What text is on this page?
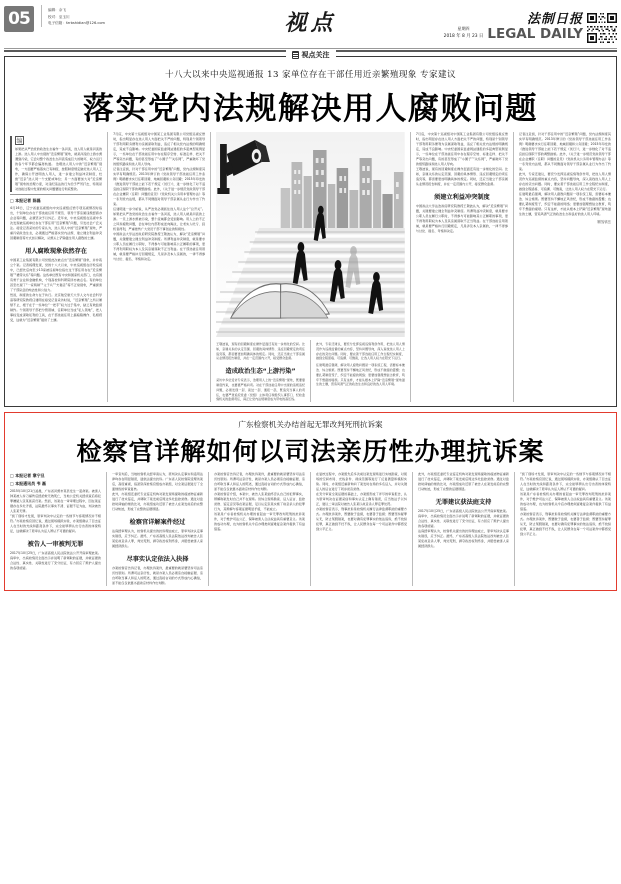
05	编辑：余飞
校对：巫玉川
电子信箱：fzrbshidian@126.com	视点	星期四
2018 年 8 月 23 日
法制日报
LEGAL DAILY
视点关注
十八大以来中央巡视通报 13 家单位存在干部任用近亲繁殖现象 专家建议
落实党内法规解决用人腐败问题
编
如果把从严治党的政治生态看作一条河流，选人用人就是河流的上游。选人用人中出现的“近亲繁殖”现象，就是河流的上游水源遭到污染，它会对整个政治生态河流造成巨大的破坏，权力运行的各个环节都会偏离轨道。 治理选人用人中的“近亲繁殖”现象，一方面要严格落实已有制度，按照制度规定做好选人用人工作，确保公开透明选人用人，进一步建立利益冲突制度，杜绝“近亲”选人同一个支配或单位；另一方面要加大对“近亲繁殖”现象的治理力度，对违纪违法的行为给予严厉打击，特别是对选拔过程中发现的相关问题要进行彻底整改。
□ 本报记者 陈磊
4月16日，辽宁省委巡视组向中央巡视组反馈专项巡视情况时指出，个别单位存在干部选拔任用不规范、领导干部亲属违规经商办企业等问题，必须坚决予以纠正。近年来，中央巡视组在巡视中多次发现被巡视单位存在干部任用“近亲繁殖”问题，引发社会广泛关注。接受记者采访的专家认为，选人用人中的“近亲繁殖”现象，严重污染政治生态，必须通过严格落实党内法规、建立健全利益冲突回避制度等方式加以解决，从源头上铲除滋生用人腐败的土壤。
用人腐败现象依然存在
中国某工业集团有限公司党组此次被点出“近亲繁殖”现象，并非孤立个案。记者梳理发现，党的十八大以来，中央巡视组在历轮巡视中，已经先后向至少13家被巡视单位指出过干部任用存在“近亲繁殖”“裙带关系”等问题。这些单位既有中央和国家机关部门，也有国有骨干企业和金融机构，个别高校和科研院所亦被点名。有的单位甚至出现了“一家两制”“父子兵”“夫妻店”等不正常现象，严重损害了干部队伍的纯洁性和公信力。
然而，制度的生命力在于执行。北京航空航天大学人文与社会科学高等研究院教授任建明在接受记者采访时说，“近亲繁殖”之所以屡禁不止，根子在于一些单位“一把手”权力过于集中，缺乏有效监督制约。个别领导干部把分管领域、任职单位当成“私人领地”，把人事权变成谋取私利的工具，在干部选拔任用上搞暗箱操作、私相授受，这就为“近亲繁殖”提供了土壤。
7月底，中央第十巡视组对中国某工业集团有限公司党组巡视反馈时，指出明显存在选人用人方面把关不严的问题，特别是个别领导干部利用职务便利为亲属谋取利益，违反了相关党内法规的明确规定，造成不良影响。中央纪委国家监委网站通报的多起典型案例显示，一些单位在干部选拔任用中存在程序空转、标准走样、把关不严等突出问题，有的甚至形成了“小圈子”“关系网”，严重破坏了党的组织路线和选人用人导向。
记者注意到，针对干部任用中的“近亲繁殖”问题，党内法规制度其实早有明确规范。2013年修订的《党政领导干部选拔任用工作条例》明确要求实行任职回避、地域回避和公务回避；2015年印发的《推进领导干部能上能下若干规定（试行）》，进一步细化了对不适宜担任现职干部的调整措施。此外，《关于进一步规范党政领导干部在企业兼职（任职）问题的意见》《党政机关公务用车管理办法》等一系列党内法规，都从不同侧面对领导干部亲属从业行为作出了约束。
任建明进一步分析说，从严治党必须抓住选人用人这个“总开关”。如果把从严治党的政治生态看作一条河流，选人用人就是河流的上游。一旦上游水源被污染，整个流域都会受到影响。用人上的不正之风和腐败问题，会在单位内部形成逆向淘汰，让老实人吃亏、投机者得利，严重挫伤广大党员干部干事创业的积极性。
中国政法大学法治政府研究院教授王敬波认为，解决“近亲繁殖”问题，关键要建立健全利益冲突制度。所谓利益冲突制度，就是要求公职人员在履行公职时，不得参与可能影响其公正履职的事项，更不得利用职权为本人及其亲属谋取不正当利益。在干部选拔任用领域，就是要严格执行回避规定，凡是涉及本人亲属的，一律不得参与讨论、提名、考察和决定。
王敬波说，现有的回避制度在操作层面还有进一步细化的空间。比如，亲属关系的认定范围、回避的具体情形、违反回避规定的责任追究等，都需要更加明确具体的规定。同时，还应当建立干部亲属从业情况报告制度，并在一定范围内公开，接受群众监督。
造成政治生态“上游污染”
采访中多位受访专家表示，治理用人上的“近亲繁殖”现象，既要靠制度约束，也要靠严格问责。对在干部选拔任用中出现的违规违纪问题，必须发现一起、查处一起、通报一起，既追究当事人的责任，也要严肃追究党委（党组）主体责任和组织人事部门、纪检监察机关的监督责任，真正让党内法规制度成为带电的高压线。
此外，专家还建议，要充分发挥巡视巡察利剑作用，把选人用人情况作为巡视监督的重点内容，坚持问题导向，深入查找选人用人上存在的突出问题。同时，要完善干部选拔任用工作全程纪实制度，做到全程留痕、可追溯、可倒查，让选人用人权力在阳光下运行。
任建明最后强调，解决用人腐败问题是一项系统工程，需要标本兼治、综合施策。既要坚持不懈地正风肃纪，形成不敢腐的震慑；也要扎紧制度笼子，织密不能腐的网络；更要加强理想信念教育，筑牢不想腐的堤坝。只有这样，才能从根本上铲除“近亲繁殖”现象滋生的土壤，营造风清气正的政治生态和良好的选人用人环境。
7月底，中央第十巡视组对中国某工业集团有限公司党组巡视反馈时，指出明显存在选人用人方面把关不严的问题，特别是个别领导干部利用职务便利为亲属谋取利益，违反了相关党内法规的明确规定，造成不良影响。中央纪委国家监委网站通报的多起典型案例显示，一些单位在干部选拔任用中存在程序空转、标准走样、把关不严等突出问题，有的甚至形成了“小圈子”“关系网”，严重破坏了党的组织路线和选人用人导向。
王敬波说，现有的回避制度在操作层面还有进一步细化的空间。比如，亲属关系的认定范围、回避的具体情形、违反回避规定的责任追究等，都需要更加明确具体的规定。同时，还应当建立干部亲属从业情况报告制度，并在一定范围内公开，接受群众监督。
须建立利益冲突制度
中国政法大学法治政府研究院教授王敬波认为，解决“近亲繁殖”问题，关键要建立健全利益冲突制度。所谓利益冲突制度，就是要求公职人员在履行公职时，不得参与可能影响其公正履职的事项，更不得利用职权为本人及其亲属谋取不正当利益。在干部选拔任用领域，就是要严格执行回避规定，凡是涉及本人亲属的，一律不得参与讨论、提名、考察和决定。
记者注意到，针对干部任用中的“近亲繁殖”问题，党内法规制度其实早有明确规范。2013年修订的《党政领导干部选拔任用工作条例》明确要求实行任职回避、地域回避和公务回避；2015年印发的《推进领导干部能上能下若干规定（试行）》，进一步细化了对不适宜担任现职干部的调整措施。此外，《关于进一步规范党政领导干部在企业兼职（任职）问题的意见》《党政机关公务用车管理办法》等一系列党内法规，都从不同侧面对领导干部亲属从业行为作出了约束。
此外，专家还建议，要充分发挥巡视巡察利剑作用，把选人用人情况作为巡视监督的重点内容，坚持问题导向，深入查找选人用人上存在的突出问题。同时，要完善干部选拔任用工作全程纪实制度，做到全程留痕、可追溯、可倒查，让选人用人权力在阳光下运行。
任建明最后强调，解决用人腐败问题是一项系统工程，需要标本兼治、综合施策。既要坚持不懈地正风肃纪，形成不敢腐的震慑；也要扎紧制度笼子，织密不能腐的网络；更要加强理想信念教育，筑牢不想腐的堤坝。只有这样，才能从根本上铲除“近亲繁殖”现象滋生的土壤，营造风清气正的政治生态和良好的选人用人环境。
制图/高岳
广东检察机关办结首起无罪改判死刑抗诉案
检察官详解如何以司法亲历性办理抗诉案
□ 本报记者 章宁旦
□ 本报通讯员 韦 磊
2015年10月21日凌晨，广东省河源市某县发生一起命案。被害人钟某被人持刀捅伤后经抢救无效死亡，当地公安机关经侦查后将犯罪嫌疑人张某抓获归案。然而，该案在一审审理过程中，因在案证据存在多处矛盾，法院最终以事实不清、证据不足为由，判决被告人张某无罪。
“到了现场才发现，原审判决中认定的一些细节与客观情况并不相符。”办案检察官回忆说，通过现场模拟实验，办案组确认了目击证人在当时的光线和距离条件下，完全能够辨认出行凶者的体貌特征，这就解决了原审认为证人辨认不可靠的疑问。
被告人一审被判无罪
2017年10月25日，广东省高级人民法院依法公开开庭审理此案。庭审中，出庭检察员全面出示并说明了新调取的证据，并就证据的合法性、真实性、关联性进行了充分论证，有力回应了辩护人提出的各项质疑。
一审宣判后，当地检察机关经审查认为，原判决认定事实和适用法律均存在明显错误，遂依法提出抗诉。广东省人民检察院受理该案后，高度重视，指派资深检察官组成办案组，对全案证据进行了全面细致的审查复核。
此外，办案组还委托专业鉴定机构对案发现场提取的痕迹物证重新进行了技术鉴定，并调取了案发前后周边多处监控录像。通过对监控时间轴的细致比对，办案组成功还原了被告人在案发前后的完整行动轨迹，形成了完整的证据锁链。
检察官详解案件经过
法庭经审理认为，检察机关提出的抗诉理由成立，原审判决认定事实错误，应予纠正。最终，广东省高级人民法院依法改判被告人张某犯故意杀人罪，判处死刑，剥夺政治权利终身，并赔偿被害人家属经济损失。
尽事实认定依法入抉择
办案检察官告诉记者，办理抗诉案件，最重要的就是要坚持司法亲历性原则。所谓司法亲历性，就是办案人员必须亲自接触证据、亲自听取当事人和证人的陈述，通过直接言词的方式形成内心确信，而不能仅仅依靠书面卷宗材料作出判断。
办案检察官告诉记者，办理抗诉案件，最重要的就是要坚持司法亲历性原则。所谓司法亲历性，就是办案人员必须亲自接触证据、亲自听取当事人和证人的陈述，通过直接言词的方式形成内心确信，而不能仅仅依靠书面卷宗材料作出判断。
办案检察官介绍，本案中，被告人张某始终否认自己的犯罪事实，辩解称案发时自己并不在现场。但综合现场勘查、证人证言、监控录像、鉴定意见等在案证据，足以认定张某实施了故意杀人的犯罪行为，其辩解与客观证据明显矛盾，不能成立。
该案是广东省检察机关办理的首起由一审无罪改判死刑的抗诉案件，对于维护司法公正、保障被害人合法权益具有重要意义。该案的成功办理，也为检察机关今后办理类似疑难复杂案件提供了有益借鉴。
在复核过程中，办案组先后多次前往案发现场进行实地勘查，对现场的空间布局、光线条件、视线范围等进行了反复测量和模拟实验。同时，办案组还重新询问了案发时在场的多名证人，并对关键证人的证言进行了同步录音录像。
在充分审查全案证据的基础上，办案组形成了详尽的审查报告，认为原审判决在证据采信和事实认定上确有错误，应当依法予以纠正，建议二审法院对被告人张某以故意杀人罪定罪处罚。
办案检察官表示，刑事抗诉是检察机关履行法律监督职能的重要方式。办理抗诉案件，既要敢于监督，也要善于监督；既要坚持疑罪从无，防止冤假错案，也要对确有犯罪事实的依法追诉，绝不放纵犯罪，真正做到不枉不纵，让人民群众在每一个司法案件中都感受到公平正义。
此外，办案组还委托专业鉴定机构对案发现场提取的痕迹物证重新进行了技术鉴定，并调取了案发前后周边多处监控录像。通过对监控时间轴的细致比对，办案组成功还原了被告人在案发前后的完整行动轨迹，形成了完整的证据锁链。
无罪建议获法庭支持
2017年10月25日，广东省高级人民法院依法公开开庭审理此案。庭审中，出庭检察员全面出示并说明了新调取的证据，并就证据的合法性、真实性、关联性进行了充分论证，有力回应了辩护人提出的各项质疑。
法庭经审理认为，检察机关提出的抗诉理由成立，原审判决认定事实错误，应予纠正。最终，广东省高级人民法院依法改判被告人张某犯故意杀人罪，判处死刑，剥夺政治权利终身，并赔偿被害人家属经济损失。
“到了现场才发现，原审判决中认定的一些细节与客观情况并不相符。”办案检察官回忆说，通过现场模拟实验，办案组确认了目击证人在当时的光线和距离条件下，完全能够辨认出行凶者的体貌特征，这就解决了原审认为证人辨认不可靠的疑问。
该案是广东省检察机关办理的首起由一审无罪改判死刑的抗诉案件，对于维护司法公正、保障被害人合法权益具有重要意义。该案的成功办理，也为检察机关今后办理类似疑难复杂案件提供了有益借鉴。
办案检察官表示，刑事抗诉是检察机关履行法律监督职能的重要方式。办理抗诉案件，既要敢于监督，也要善于监督；既要坚持疑罪从无，防止冤假错案，也要对确有犯罪事实的依法追诉，绝不放纵犯罪，真正做到不枉不纵，让人民群众在每一个司法案件中都感受到公平正义。
